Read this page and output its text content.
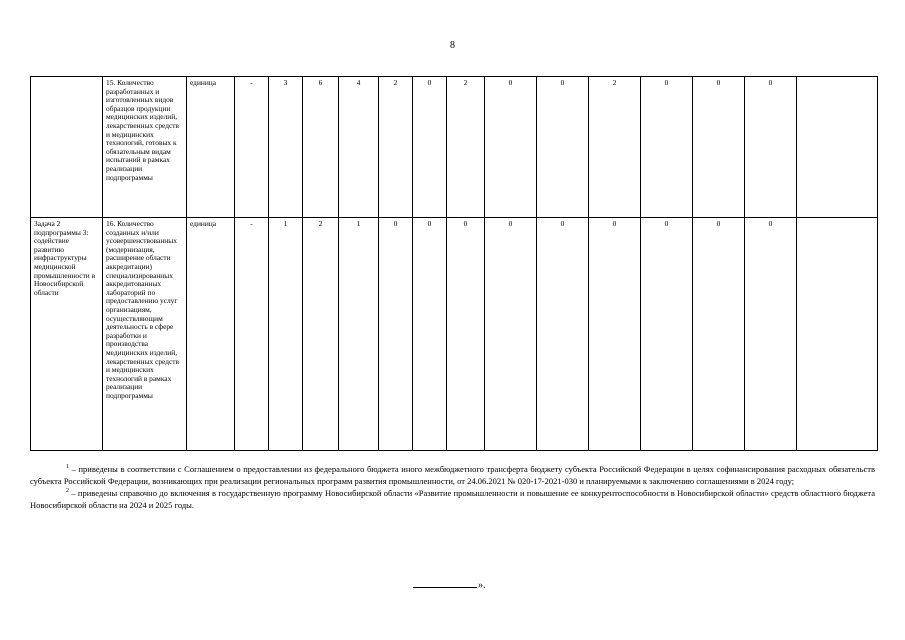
8
	15. Количество разработанных и изготовленных видов образцов продукции медицинских изделий, лекарственных средств и медицинских технологий, готовых к обязательным видам испытаний в рамках реализации подпрограммы	единица	-	3	6	4	2	0	2	0	0	2	0	0	0	
Задача 2 подпрограммы 3: содействие развитию инфраструктуры медицинской промышленности в Новосибирской области	16. Количество созданных и/или усовершенствованных (модернизация, расширение области аккредитации) специализированных аккредитованных лабораторий по предоставлению услуг организациям, осуществляющим деятельность в сфере разработки и производства медицинских изделий, лекарственных средств и медицинских технологий в рамках реализации подпрограммы	единица	-	1	2	1	0	0	0	0	0	0	0	0	0	

$^1$ – приведены в соответствии с Соглашением о предоставлении из федерального бюджета иного межбюджетного трансферта бюджету субъекта Российской Федерации в целях софинансирования расходных обязательств субъекта Российской Федерации, возникающих при реализации региональных программ развития промышленности, от 24.06.2021 № 020-17-2021-030 и планируемыми к заключению соглашениями в 2024 году;

$^2$ – приведены справочно до включения в государственную программу Новосибирской области «Развитие промышленности и повышение ее конкурентоспособности в Новосибирской области» средств областного бюджета Новосибирской области на 2024 и 2025 годы.

».
